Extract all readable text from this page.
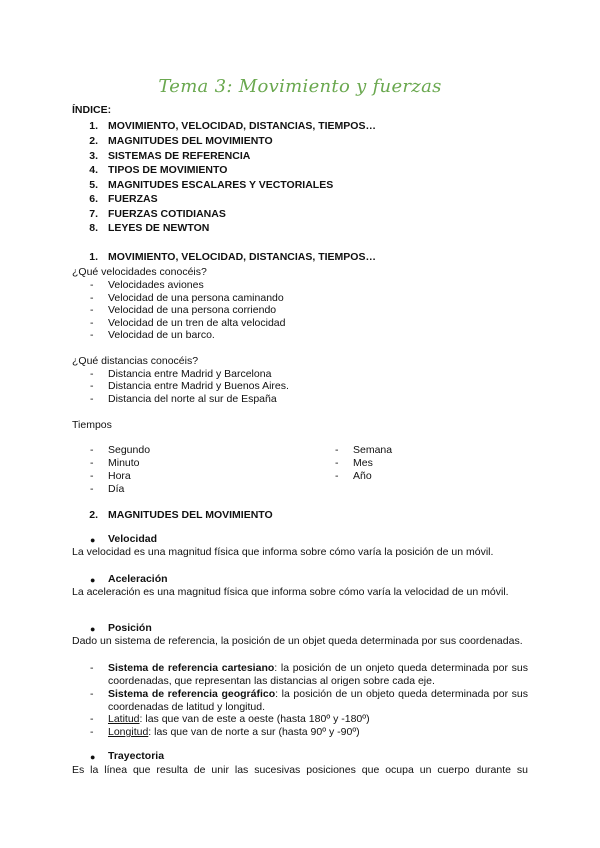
Tema 3: Movimiento y fuerzas
ÍNDICE:
1. MOVIMIENTO, VELOCIDAD, DISTANCIAS, TIEMPOS…
2. MAGNITUDES DEL MOVIMIENTO
3. SISTEMAS DE REFERENCIA
4. TIPOS DE MOVIMIENTO
5. MAGNITUDES ESCALARES Y VECTORIALES
6. FUERZAS
7. FUERZAS COTIDIANAS
8. LEYES DE NEWTON
1. MOVIMIENTO, VELOCIDAD, DISTANCIAS, TIEMPOS…
¿Qué velocidades conocéis?
- Velocidades aviones
- Velocidad de una persona caminando
- Velocidad de una persona corriendo
- Velocidad de un tren de alta velocidad
- Velocidad de un barco.
¿Qué distancias conocéis?
- Distancia entre Madrid y Barcelona
- Distancia entre Madrid y Buenos Aires.
- Distancia del norte al sur de España
Tiempos
- Segundo
- Minuto
- Hora
- Día
- Semana
- Mes
- Año
2. MAGNITUDES DEL MOVIMIENTO
● Velocidad
La velocidad es una magnitud física que informa sobre cómo varía la posición de un móvil.
● Aceleración
La aceleración es una magnitud física que informa sobre cómo varía la velocidad de un móvil.
● Posición
Dado un sistema de referencia, la posición de un objet queda determinada por sus coordenadas.
- Sistema de referencia cartesiano: la posición de un onjeto queda determinada por sus coordenadas, que representan las distancias al origen sobre cada eje.
- Sistema de referencia geográfico: la posición de un objeto queda determinada por sus coordenadas de latitud y longitud.
- Latitud: las que van de este a oeste (hasta 180º y -180º)
- Longitud: las que van de norte a sur (hasta 90º y -90º)
● Trayectoria
Es la línea que resulta de unir las sucesivas posiciones que ocupa un cuerpo durante su
